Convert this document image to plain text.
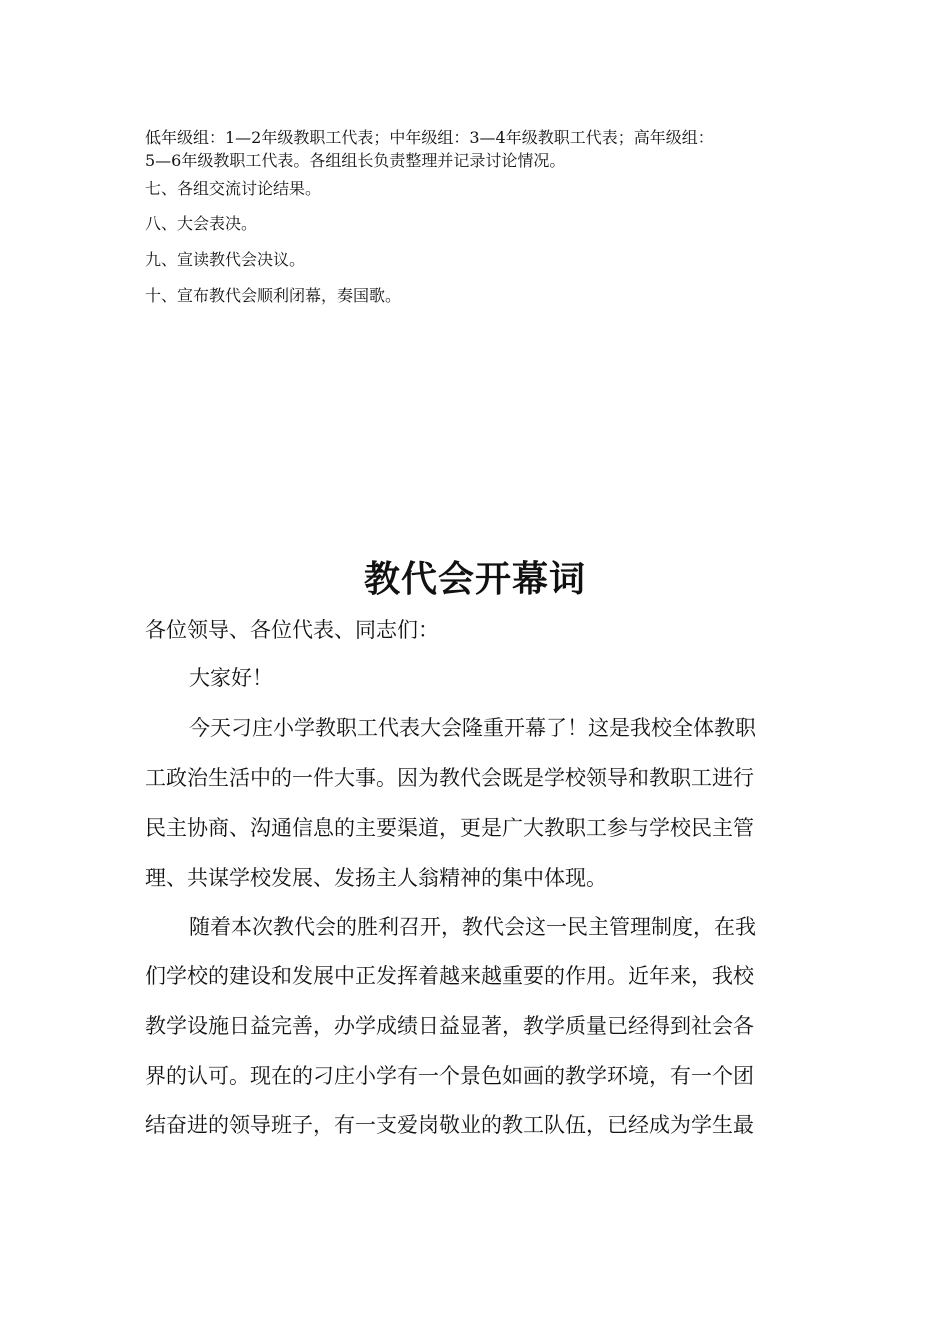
低年级组：1—2年级教职工代表；中年级组：3—4年级教职工代表；高年级组：
5—6年级教职工代表。各组组长负责整理并记录讨论情况。
七、各组交流讨论结果。
八、大会表决。
九、宣读教代会决议。
十、宣布教代会顺利闭幕，奏国歌。
教代会开幕词
各位领导、各位代表、同志们：
大家好！
今天刁庄小学教职工代表大会隆重开幕了！这是我校全体教职
工政治生活中的一件大事。因为教代会既是学校领导和教职工进行
民主协商、沟通信息的主要渠道，更是广大教职工参与学校民主管
理、共谋学校发展、发扬主人翁精神的集中体现。
随着本次教代会的胜利召开，教代会这一民主管理制度，在我
们学校的建设和发展中正发挥着越来越重要的作用。近年来，我校
教学设施日益完善，办学成绩日益显著，教学质量已经得到社会各
界的认可。现在的刁庄小学有一个景色如画的教学环境，有一个团
结奋进的领导班子，有一支爱岗敬业的教工队伍，已经成为学生最
